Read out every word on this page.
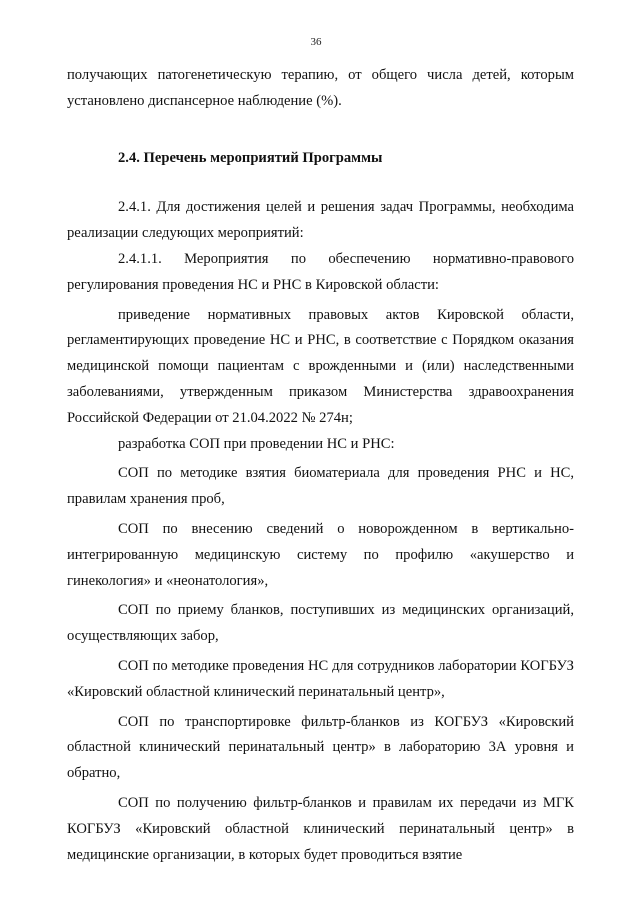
36

получающих патогенетическую терапию, от общего числа детей, которым установлено диспансерное наблюдение (%).

2.4. Перечень мероприятий Программы

2.4.1. Для достижения целей и решения задач Программы, необходима реализации следующих мероприятий:

2.4.1.1. Мероприятия по обеспечению нормативно-правового

регулирования проведения НС и РНС в Кировской области:

приведение нормативных правовых актов Кировской области, регламентирующих проведение НС и РНС, в соответствие с Порядком оказания медицинской помощи пациентам с врожденными и (или) наследственными заболеваниями, утвержденным приказом Министерства здравоохранения Российской Федерации от 21.04.2022 № 274н;

разработка СОП при проведении НС и РНС:

СОП по методике взятия биоматериала для проведения РНС и НС, правилам хранения проб,

СОП по внесению сведений о новорожденном в вертикально-интегрированную медицинскую систему по профилю «акушерство и гинекология» и «неонатология»,

СОП по приему бланков, поступивших из медицинских организаций, осуществляющих забор,

СОП по методике проведения НС для сотрудников лаборатории КОГБУЗ «Кировский областной клинический перинатальный центр»,

СОП по транспортировке фильтр-бланков из КОГБУЗ «Кировский областной клинический перинатальный центр» в лабораторию 3А уровня и обратно,

СОП по получению фильтр-бланков и правилам их передачи из МГК КОГБУЗ «Кировский областной клинический перинатальный центр» в медицинские организации, в которых будет проводиться взятие
